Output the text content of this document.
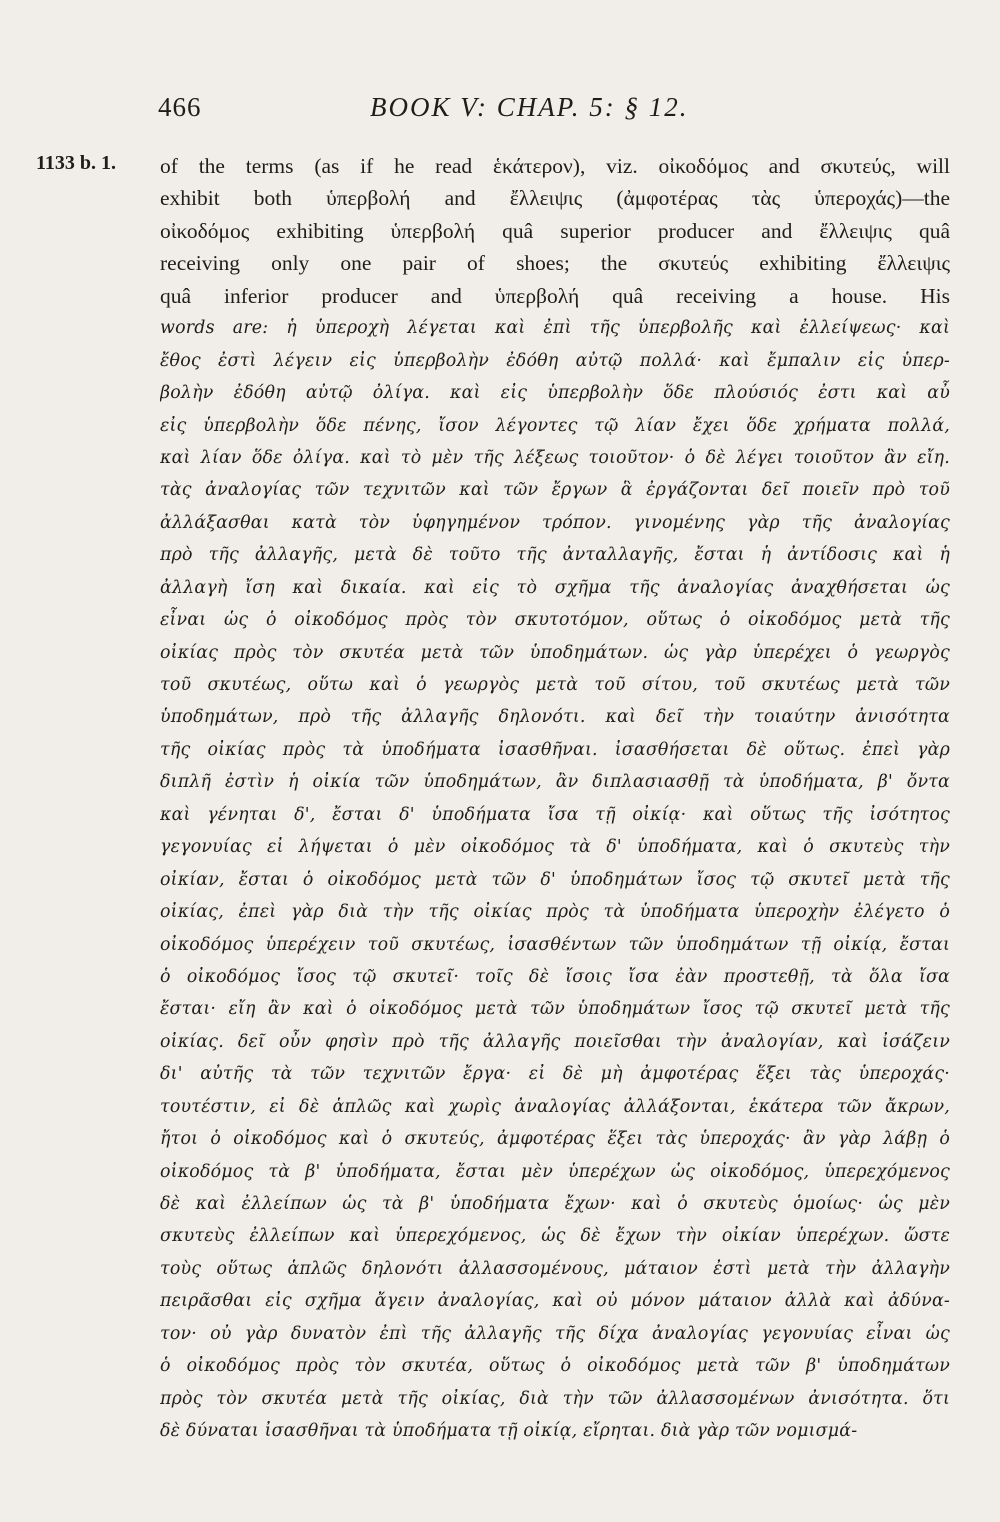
466	BOOK V: CHAP. 5: § 12.
1133 b. 1. of the terms (as if he read ἑκάτερον), viz. οἰκοδόμος and σκυτεύς, will
exhibit both ὑπερβολή and ἔλλειψις (ἀμφοτέρας τὰς ὑπεροχάς)—the
οἰκοδόμος exhibiting ὑπερβολή quâ superior producer and ἔλλειψις quâ
receiving only one pair of shoes; the σκυτεύς exhibiting ἔλλειψις
quâ inferior producer and ὑπερβολή quâ receiving a house. His
words are: ἡ ὑπεροχὴ λέγεται καὶ ἐπὶ τῆς ὑπερβολῆς καὶ ἐλλείψεως· καὶ
ἔθος ἐστὶ λέγειν εἰς ὑπερβολὴν ἐδόθη αὐτῷ πολλά· καὶ ἔμπαλιν εἰς ὑπερ-
βολὴν ἐδόθη αὐτῷ ὀλίγα. καὶ εἰς ὑπερβολὴν ὅδε πλούσιός ἐστι καὶ αὖ
εἰς ὑπερβολὴν ὅδε πένης, ἴσον λέγοντες τῷ λίαν ἔχει ὅδε χρήματα πολλά,
καὶ λίαν ὅδε ὀλίγα. καὶ τὸ μὲν τῆς λέξεως τοιοῦτον· ὁ δὲ λέγει τοιοῦτον ἂν εἴη.
τὰς ἀναλογίας τῶν τεχνιτῶν καὶ τῶν ἔργων ἃ ἐργάζονται δεῖ ποιεῖν πρὸ τοῦ
ἀλλάξασθαι κατὰ τὸν ὑφηγημένον τρόπον. γινομένης γὰρ τῆς ἀναλογίας
πρὸ τῆς ἀλλαγῆς, μετὰ δὲ τοῦτο τῆς ἀνταλλαγῆς, ἔσται ἡ ἀντίδοσις καὶ ἡ
ἀλλαγὴ ἴση καὶ δικαία. καὶ εἰς τὸ σχῆμα τῆς ἀναλογίας ἀναχθήσεται ὡς
εἶναι ὡς ὁ οἰκοδόμος πρὸς τὸν σκυτοτόμον, οὕτως ὁ οἰκοδόμος μετὰ τῆς
οἰκίας πρὸς τὸν σκυτέα μετὰ τῶν ὑποδημάτων. ὡς γὰρ ὑπερέχει ὁ γεωργὸς
τοῦ σκυτέως, οὕτω καὶ ὁ γεωργὸς μετὰ τοῦ σίτου, τοῦ σκυτέως μετὰ τῶν
ὑποδημάτων, πρὸ τῆς ἀλλαγῆς δηλονότι. καὶ δεῖ τὴν τοιαύτην ἀνισότητα
τῆς οἰκίας πρὸς τὰ ὑποδήματα ἰσασθῆναι. ἰσασθήσεται δὲ οὕτως. ἐπεὶ γὰρ
διπλῆ ἐστὶν ἡ οἰκία τῶν ὑποδημάτων, ἂν διπλασιασθῇ τὰ ὑποδήματα, β' ὄντα
καὶ γένηται δ', ἔσται δ' ὑποδήματα ἴσα τῇ οἰκίᾳ· καὶ οὕτως τῆς ἰσότητος
γεγονυίας εἰ λήψεται ὁ μὲν οἰκοδόμος τὰ δ' ὑποδήματα, καὶ ὁ σκυτεὺς τὴν
οἰκίαν, ἔσται ὁ οἰκοδόμος μετὰ τῶν δ' ὑποδημάτων ἴσος τῷ σκυτεῖ μετὰ τῆς
οἰκίας, ἐπεὶ γὰρ διὰ τὴν τῆς οἰκίας πρὸς τὰ ὑποδήματα ὑπεροχὴν ἐλέγετο ὁ
οἰκοδόμος ὑπερέχειν τοῦ σκυτέως, ἰσασθέντων τῶν ὑποδημάτων τῇ οἰκίᾳ, ἔσται
ὁ οἰκοδόμος ἴσος τῷ σκυτεῖ· τοῖς δὲ ἴσοις ἴσα ἐὰν προστεθῇ, τὰ ὅλα ἴσα
ἔσται· εἴη ἂν καὶ ὁ οἰκοδόμος μετὰ τῶν ὑποδημάτων ἴσος τῷ σκυτεῖ μετὰ τῆς
οἰκίας. δεῖ οὖν φησὶν πρὸ τῆς ἀλλαγῆς ποιεῖσθαι τὴν ἀναλογίαν, καὶ ἰσάζειν
δι' αὐτῆς τὰ τῶν τεχνιτῶν ἔργα· εἰ δὲ μὴ ἀμφοτέρας ἕξει τὰς ὑπεροχάς·
τουτέστιν, εἰ δὲ ἁπλῶς καὶ χωρὶς ἀναλογίας ἀλλάξονται, ἑκάτερα τῶν ἄκρων,
ἤτοι ὁ οἰκοδόμος καὶ ὁ σκυτεύς, ἀμφοτέρας ἕξει τὰς ὑπεροχάς· ἂν γὰρ λάβῃ ὁ
οἰκοδόμος τὰ β' ὑποδήματα, ἔσται μὲν ὑπερέχων ὡς οἰκοδόμος, ὑπερεχόμενος
δὲ καὶ ἐλλείπων ὡς τὰ β' ὑποδήματα ἔχων· καὶ ὁ σκυτεὺς ὁμοίως· ὡς μὲν
σκυτεὺς ἐλλείπων καὶ ὑπερεχόμενος, ὡς δὲ ἔχων τὴν οἰκίαν ὑπερέχων. ὥστε
τοὺς οὕτως ἁπλῶς δηλονότι ἀλλασσομένους, μάταιον ἐστὶ μετὰ τὴν ἀλλαγὴν
πειρᾶσθαι εἰς σχῆμα ἄγειν ἀναλογίας, καὶ οὐ μόνον μάταιον ἀλλὰ καὶ ἀδύνα-
τον· οὐ γὰρ δυνατὸν ἐπὶ τῆς ἀλλαγῆς τῆς δίχα ἀναλογίας γεγονυίας εἶναι ὡς
ὁ οἰκοδόμος πρὸς τὸν σκυτέα, οὕτως ὁ οἰκοδόμος μετὰ τῶν β' ὑποδημάτων
πρὸς τὸν σκυτέα μετὰ τῆς οἰκίας, διὰ τὴν τῶν ἀλλασσομένων ἀνισότητα. ὅτι
δὲ δύναται ἰσασθῆναι τὰ ὑποδήματα τῇ οἰκίᾳ, εἴρηται. διὰ γὰρ τῶν νομισμά-
